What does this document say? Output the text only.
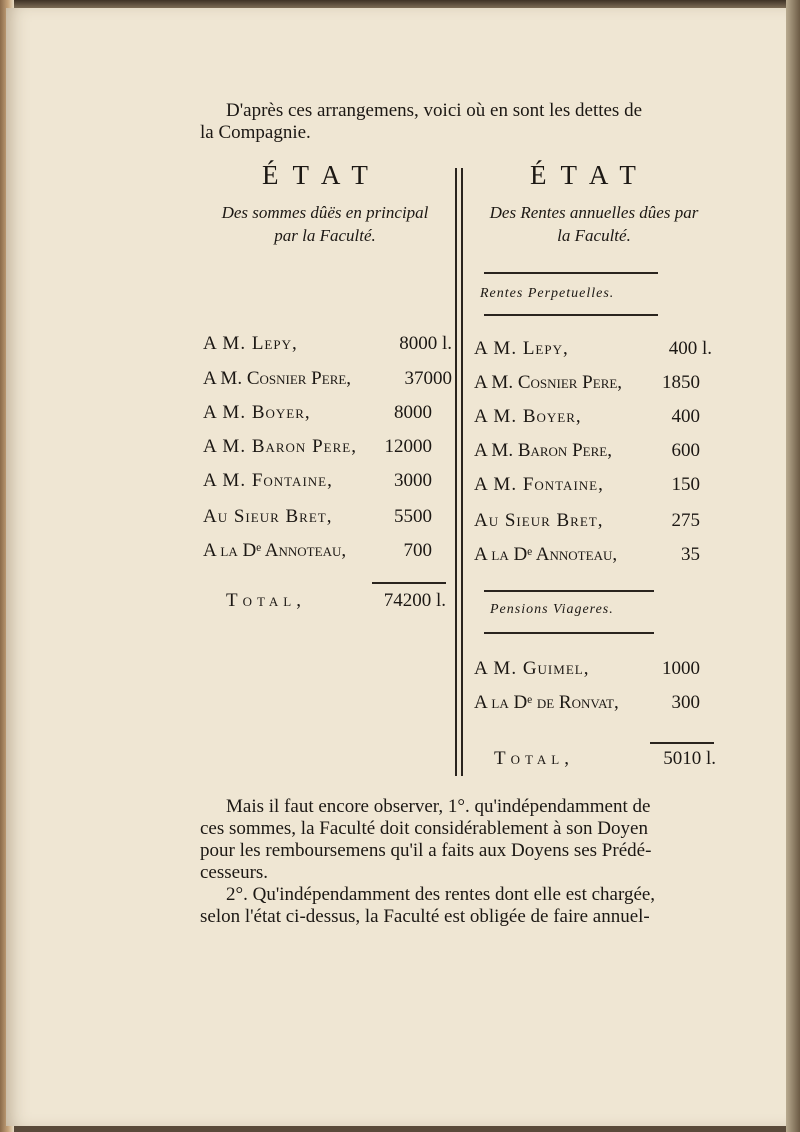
D'après ces arrangemens, voici où en sont les dettes de
la Compagnie.
ÉTAT
Des sommes dûës en principal
par la Faculté.
ÉTAT
Des Rentes annuelles dûes par
la Faculté.
A M. Lepy,	8000 l.
A M. Cosnier Pere,	37000
A M. Boyer,	8000
A M. Baron Pere,	12000
A M. Fontaine,	3000
Au Sieur Bret,	5500
A la Dᵉ Annoteau,	700
Total,	74200 l.
Rentes Perpetuelles.
A M. Lepy,	400 l.
A M. Cosnier Pere,	1850
A M. Boyer,	400
A M. Baron Pere,	600
A M. Fontaine,	150
Au Sieur Bret,	275
A la Dᵉ Annoteau,	35
Pensions Viageres.
A M. Guimel,	1000
A la Dᵉ de Ronvat,	300
Total,	5010 l.
Mais il faut encore observer, 1°. qu'indépendamment de
ces sommes, la Faculté doit considérablement à son Doyen
pour les remboursemens qu'il a faits aux Doyens ses Prédé-
cesseurs.
2°. Qu'indépendamment des rentes dont elle est chargée,
selon l'état ci-dessus, la Faculté est obligée de faire annuel-
